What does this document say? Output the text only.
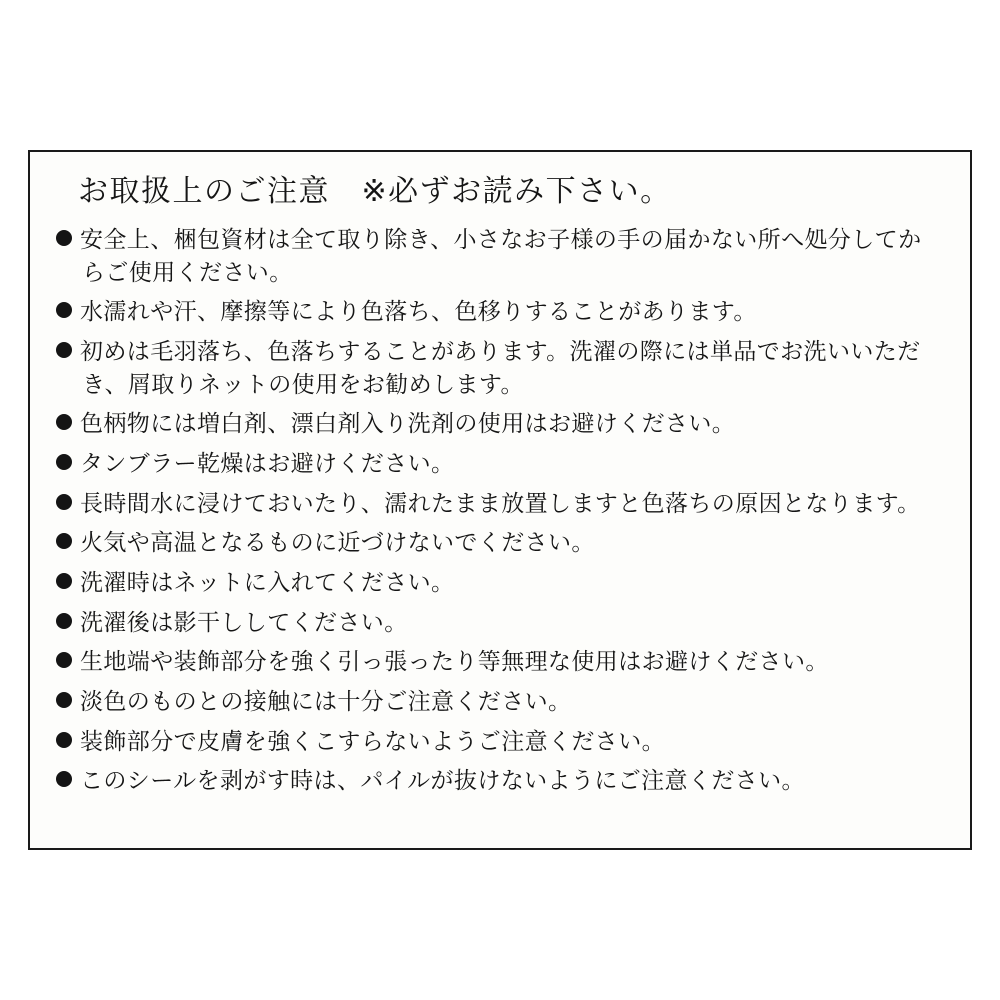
お取扱上のご注意　※必ずお読み下さい。
安全上、梱包資材は全て取り除き、小さなお子様の手の届かない所へ処分してからご使用ください。
水濡れや汗、摩擦等により色落ち、色移りすることがあります。
初めは毛羽落ち、色落ちすることがあります。洗濯の際には単品でお洗いいただき、屑取りネットの使用をお勧めします。
色柄物には増白剤、漂白剤入り洗剤の使用はお避けください。
タンブラー乾燥はお避けください。
長時間水に浸けておいたり、濡れたまま放置しますと色落ちの原因となります。
火気や高温となるものに近づけないでください。
洗濯時はネットに入れてください。
洗濯後は影干ししてください。
生地端や装飾部分を強く引っ張ったり等無理な使用はお避けください。
淡色のものとの接触には十分ご注意ください。
装飾部分で皮膚を強くこすらないようご注意ください。
このシールを剥がす時は、パイルが抜けないようにご注意ください。
